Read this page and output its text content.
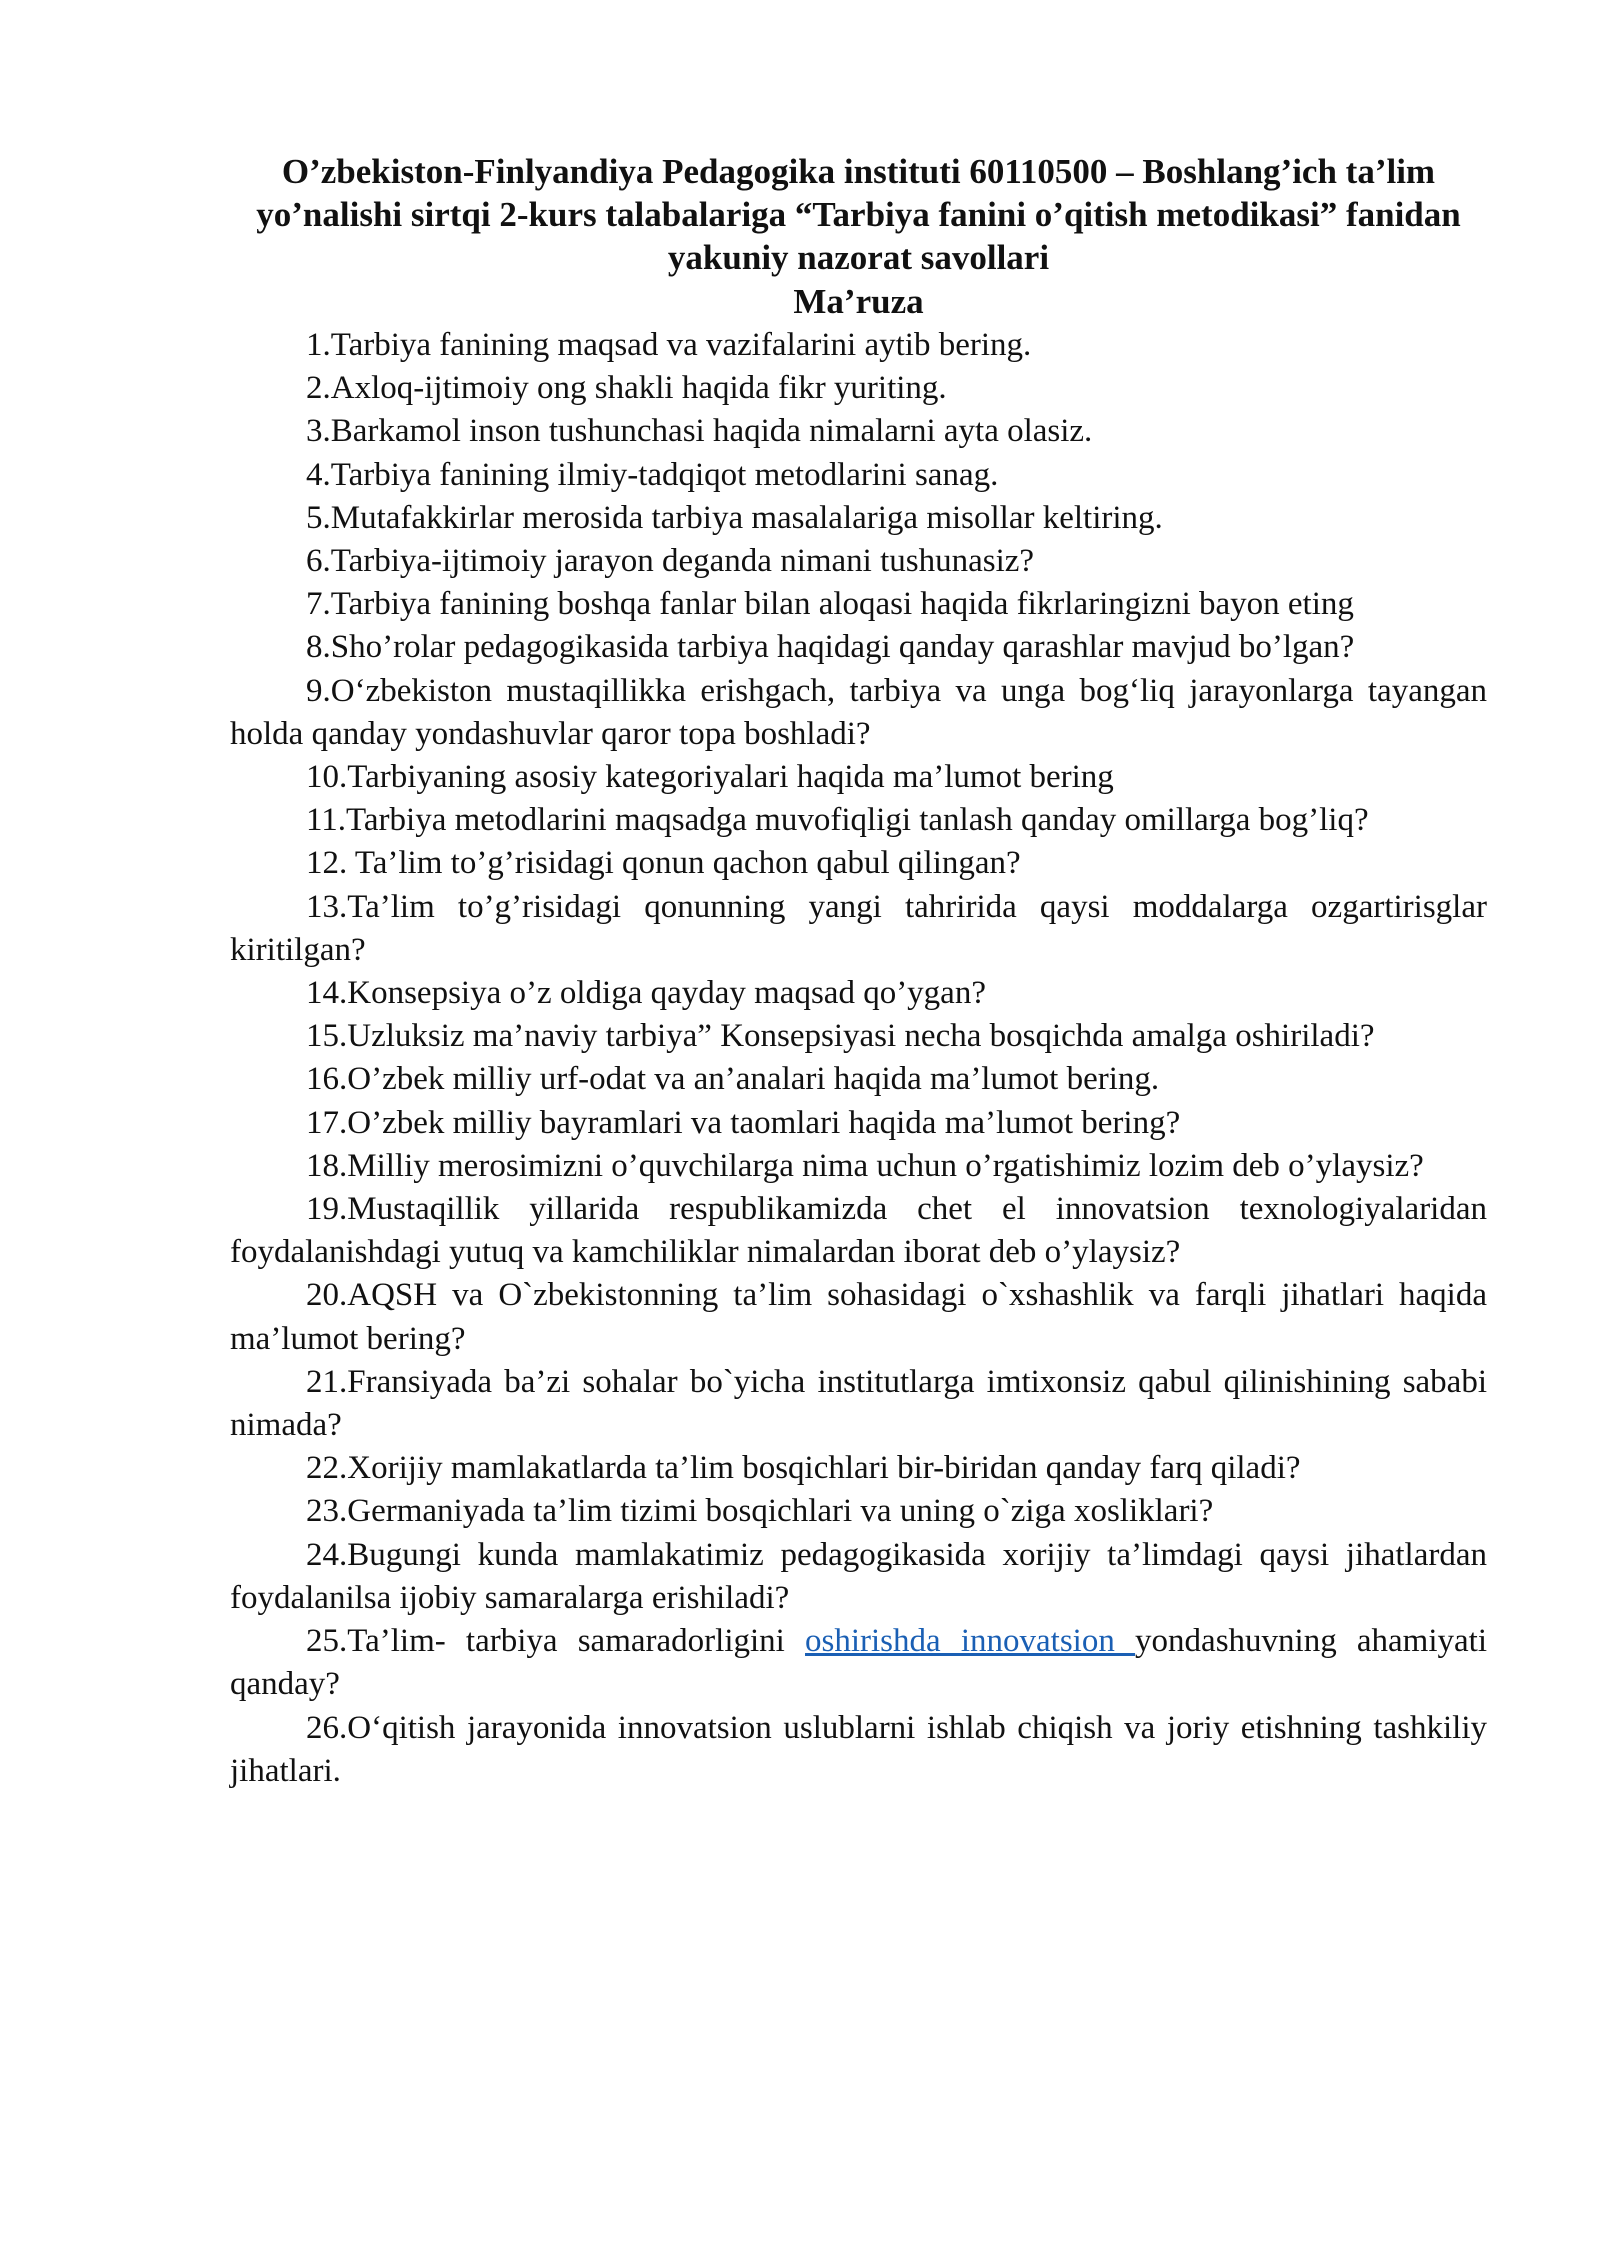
O’zbekiston-Finlyandiya Pedagogika instituti 60110500 – Boshlang’ich ta’lim yo’nalishi sirtqi 2-kurs talabalariga “Tarbiya fanini o’qitish metodikasi” fanidan yakuniy nazorat savollari

Ma’ruza

1.Tarbiya fanining maqsad va vazifalarini aytib bering.
2.Axloq-ijtimoiy ong shakli haqida fikr yuriting.
3.Barkamol inson tushunchasi haqida nimalarni ayta olasiz.
4.Tarbiya fanining ilmiy-tadqiqot metodlarini sanag.
5.Mutafakkirlar merosida tarbiya masalalariga misollar keltiring.
6.Tarbiya-ijtimoiy jarayon deganda nimani tushunasiz?
7.Tarbiya fanining boshqa fanlar bilan aloqasi haqida fikrlaringizni bayon eting
8.Sho’rolar pedagogikasida tarbiya haqidagi qanday qarashlar mavjud bo’lgan?
9.O‘zbekiston mustaqillikka erishgach, tarbiya va unga bog‘liq jarayonlarga tayangan holda qanday yondashuvlar qaror topa boshladi?
10.Tarbiyaning asosiy kategoriyalari haqida ma’lumot bering
11.Tarbiya metodlarini maqsadga muvofiqligi tanlash qanday omillarga bog’liq?
12. Ta’lim to’g’risidagi qonun qachon qabul qilingan?
13.Ta’lim to’g’risidagi qonunning yangi tahririda qaysi moddalarga ozgartirisglar kiritilgan?
14.Konsepsiya o’z oldiga qayday maqsad qo’ygan?
15.Uzluksiz ma’naviy tarbiya” Konsepsiyasi necha bosqichda amalga oshiriladi?
16.O’zbek milliy urf-odat va an’analari haqida ma’lumot bering.
17.O’zbek milliy bayramlari va taomlari haqida ma’lumot bering?
18.Milliy merosimizni o’quvchilarga nima uchun o’rgatishimiz lozim deb o’ylaysiz?
19.Mustaqillik yillarida respublikamizda chet el innovatsion texnologiyalaridan foydalanishdagi yutuq va kamchiliklar nimalardan iborat deb o’ylaysiz?
20.AQSH va O`zbekistonning ta’lim sohasidagi o`xshashlik va farqli jihatlari haqida ma’lumot bering?
21.Fransiyada ba’zi sohalar bo`yicha institutlarga imtixonsiz qabul qilinishining sababi nimada?
22.Xorijiy mamlakatlarda ta’lim bosqichlari bir-biridan qanday farq qiladi?
23.Germaniyada ta’lim tizimi bosqichlari va uning o`ziga xosliklari?
24.Bugungi kunda mamlakatimiz pedagogikasida xorijiy ta’limdagi qaysi jihatlardan foydalanilsa ijobiy samaralarga erishiladi?
25.Ta’lim- tarbiya samaradorligini oshirishda innovatsion yondashuvning ahamiyati qanday?
26.O‘qitish jarayonida innovatsion uslublarni ishlab chiqish va joriy etishning tashkiliy jihatlari.
